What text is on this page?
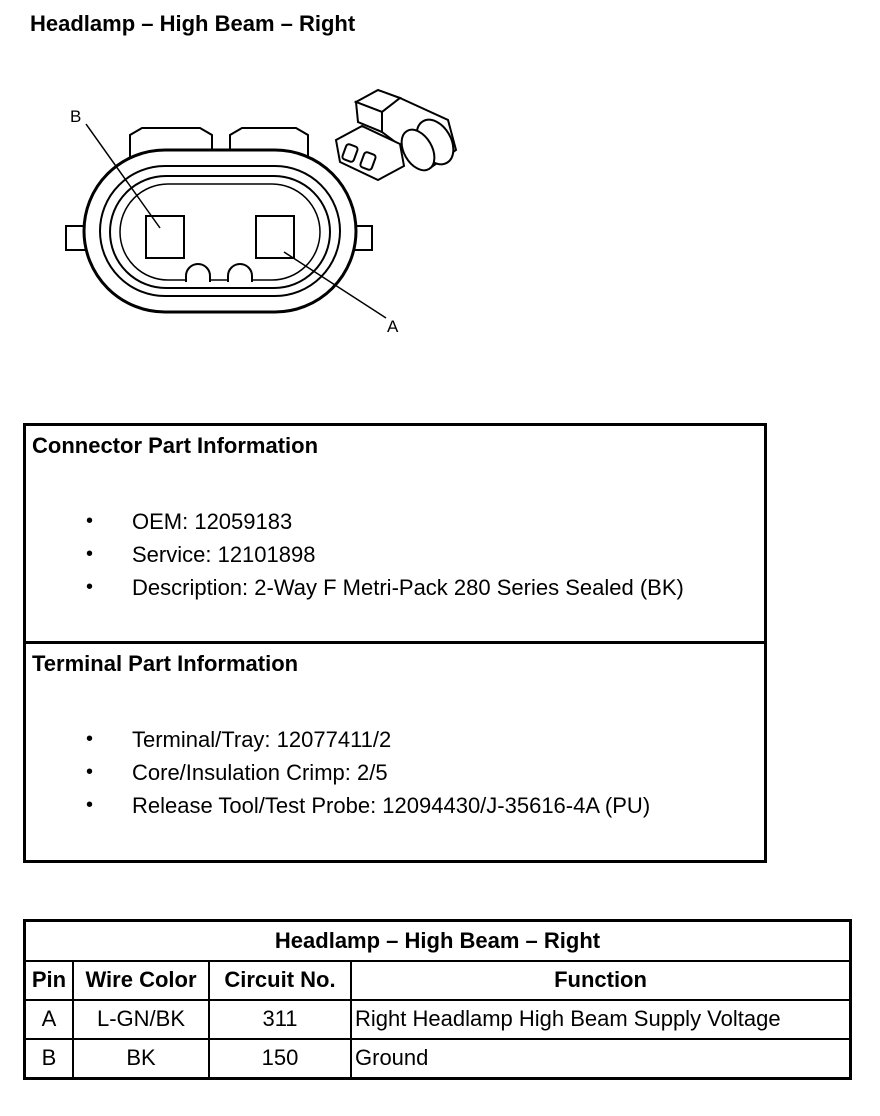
Headlamp – High Beam – Right
B
A
Connector Part Information
• OEM: 12059183
• Service: 12101898
• Description: 2-Way F Metri-Pack 280 Series Sealed (BK)
Terminal Part Information
• Terminal/Tray: 12077411/2
• Core/Insulation Crimp: 2/5
• Release Tool/Test Probe: 12094430/J-35616-4A (PU)
Headlamp – High Beam – Right			
Pin	Wire Color	Circuit No.	Function
A	L-GN/BK	311	Right Headlamp High Beam Supply Voltage
B	BK	150	Ground
